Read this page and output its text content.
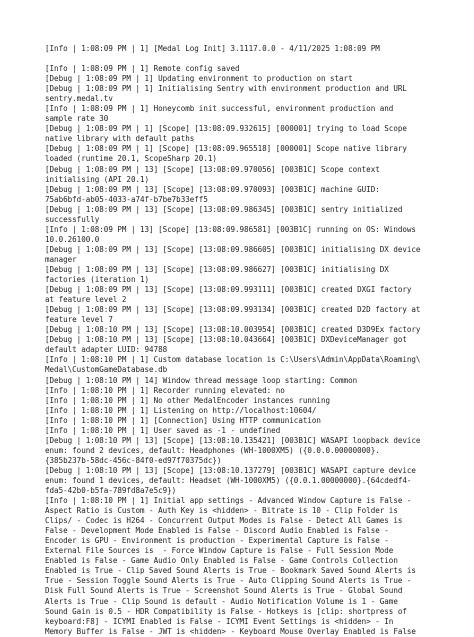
[Info | 1:08:09 PM | 1] [Medal Log Init] 3.1117.0.0 - 4/11/2025 1:08:09 PM
[Info | 1:08:09 PM | 1] Remote config saved
[Debug | 1:08:09 PM | 1] Updating environment to production on start
[Debug | 1:08:09 PM | 1] Initialising Sentry with environment production and URL
sentry.medal.tv
[Info | 1:08:09 PM | 1] Honeycomb init successful, environment production and
sample rate 30
[Debug | 1:08:09 PM | 1] [Scope] [13:08:09.932615] [000001] trying to load Scope
native library with default paths
[Debug | 1:08:09 PM | 1] [Scope] [13:08:09.965518] [000001] Scope native library
loaded (runtime 20.1, ScopeSharp 20.1)
[Debug | 1:08:09 PM | 13] [Scope] [13:08:09.970056] [003B1C] Scope context
initialising (API 20.1)
[Debug | 1:08:09 PM | 13] [Scope] [13:08:09.970093] [003B1C] machine GUID:
75ab6bfd-ab05-4033-a74f-b7be7b33eff5
[Debug | 1:08:09 PM | 13] [Scope] [13:08:09.986345] [003B1C] sentry initialized
successfully
[Info | 1:08:09 PM | 13] [Scope] [13:08:09.986581] [003B1C] running on OS: Windows
10.0.26100.0
[Debug | 1:08:09 PM | 13] [Scope] [13:08:09.986605] [003B1C] initialising DX device
manager
[Debug | 1:08:09 PM | 13] [Scope] [13:08:09.986627] [003B1C] initialising DX
factories (iteration 1)
[Debug | 1:08:09 PM | 13] [Scope] [13:08:09.993111] [003B1C] created DXGI factory
at feature level 2
[Debug | 1:08:09 PM | 13] [Scope] [13:08:09.993134] [003B1C] created D2D factory at
feature level 7
[Debug | 1:08:10 PM | 13] [Scope] [13:08:10.003954] [003B1C] created D3D9Ex factory
[Debug | 1:08:10 PM | 13] [Scope] [13:08:10.043664] [003B1C] DXDeviceManager got
default adapter LUID: 94788
[Info | 1:08:10 PM | 1] Custom database location is C:\Users\Admin\AppData\Roaming\
Medal\CustomGameDatabase.db
[Debug | 1:08:10 PM | 14] Window thread message loop starting: Common
[Info | 1:08:10 PM | 1] Recorder running elevated: no
[Info | 1:08:10 PM | 1] No other MedalEncoder instances running
[Info | 1:08:10 PM | 1] Listening on http://localhost:10604/
[Info | 1:08:10 PM | 1] [Connection] Using HTTP communication
[Info | 1:08:10 PM | 1] User saved as -1 - undefined
[Debug | 1:08:10 PM | 13] [Scope] [13:08:10.135421] [003B1C] WASAPI loopback device
enum: found 2 devices, default: Headphones (WH-1000XM5) ({0.0.0.00000000}.
{385b237b-58dc-456c-84f0-ed97f70375dc})
[Debug | 1:08:10 PM | 13] [Scope] [13:08:10.137279] [003B1C] WASAPI capture device
enum: found 1 devices, default: Headset (WH-1000XM5) ({0.0.1.00000000}.{64cdedf4-
fda5-42b0-b5fa-789fd8a7e5c9})
[Info | 1:08:10 PM | 1] Initial app settings - Advanced Window Capture is False -
Aspect Ratio is Custom - Auth Key is <hidden> - Bitrate is 10 - Clip Folder is
Clips/ - Codec is H264 - Concurrent Output Modes is False - Detect All Games is
False - Development Mode Enabled is False - Discord Audio Enabled is False -
Encoder is GPU - Environment is production - Experimental Capture is False -
External File Sources is  - Force Window Capture is False - Full Session Mode
Enabled is False - Game Audio Only Enabled is False - Game Controls Collection
Enabled is True - Clip Saved Sound Alerts is True - Bookmark Saved Sound Alerts is
True - Session Toggle Sound Alerts is True - Auto Clipping Sound Alerts is True -
Disk Full Sound Alerts is True - Screenshot Sound Alerts is True - Global Sound
Alerts is True - Clip Sound is default - Audio Notification Volume is 1 - Game
Sound Gain is 0.5 - HDR Compatibility is False - Hotkeys is [clip: shortpress of
keyboard:F8] - ICYMI Enabled is False - ICYMI Event Settings is <hidden> - In
Memory Buffer is False - JWT is <hidden> - Keyboard Mouse Overlay Enabled is False
